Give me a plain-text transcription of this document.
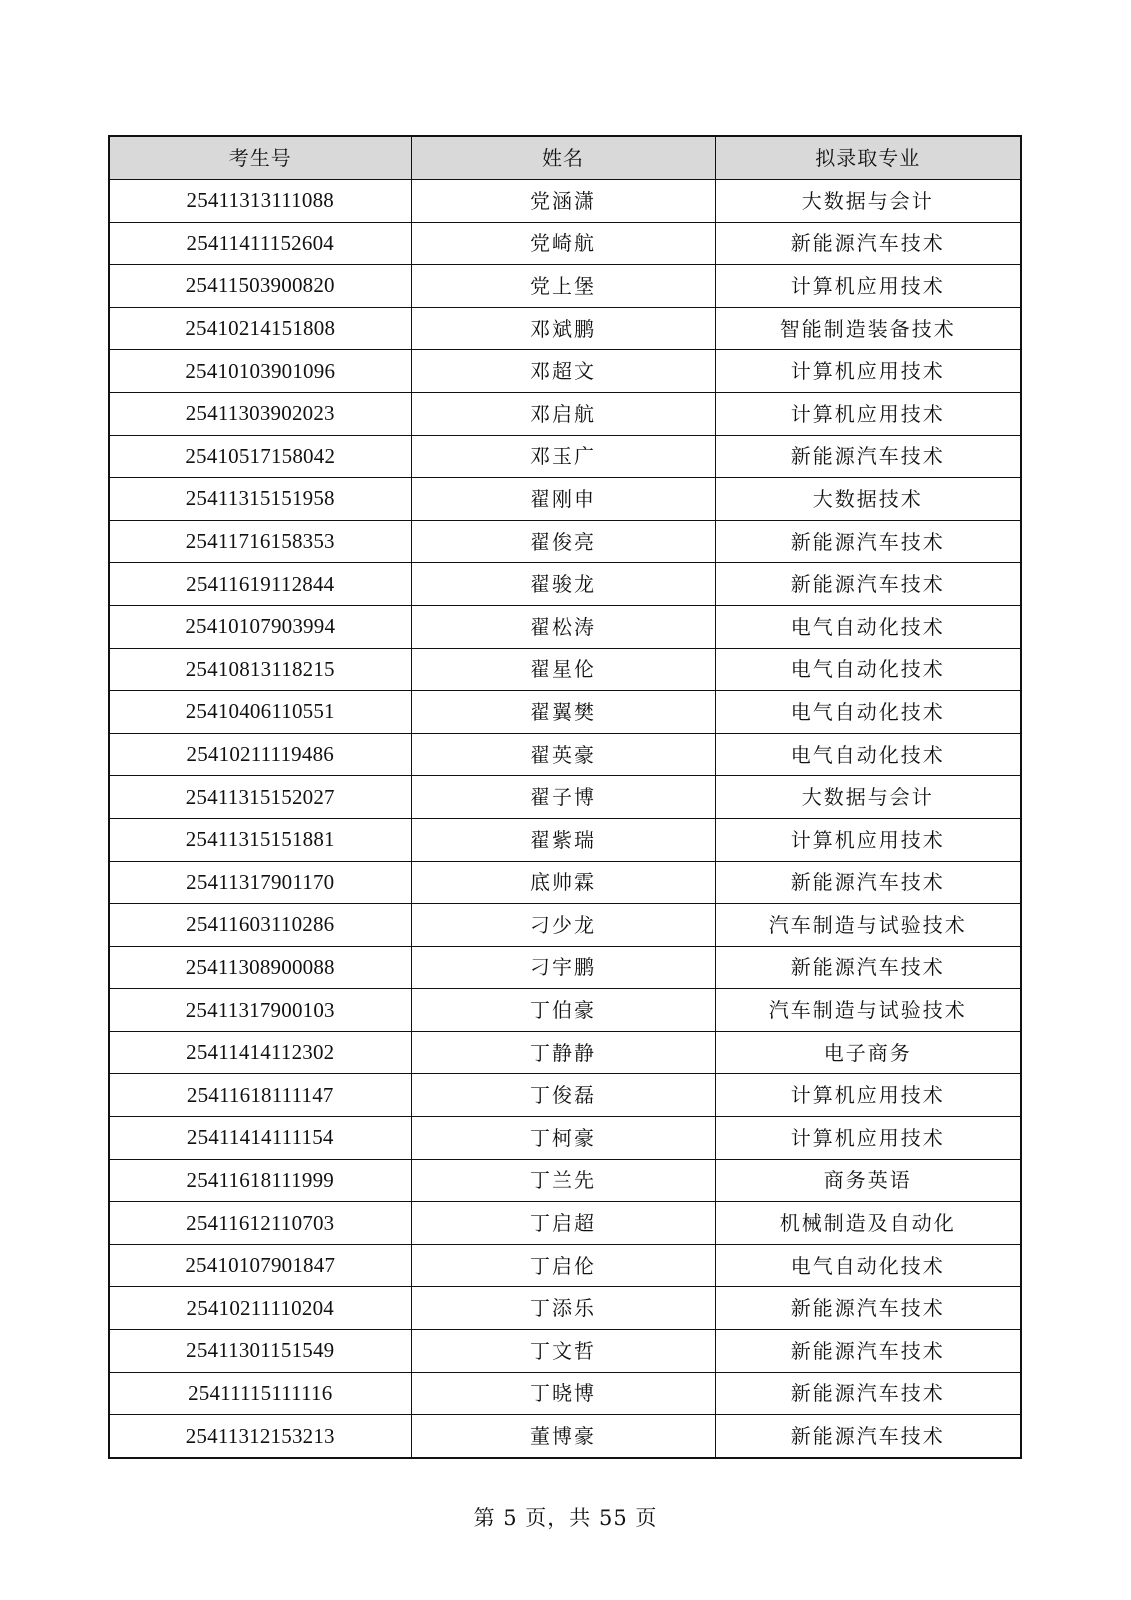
考生号	姓名	拟录取专业
25411313111088	党涵潇	大数据与会计
25411411152604	党崎航	新能源汽车技术
25411503900820	党上堡	计算机应用技术
25410214151808	邓斌鹏	智能制造装备技术
25410103901096	邓超文	计算机应用技术
25411303902023	邓启航	计算机应用技术
25410517158042	邓玉广	新能源汽车技术
25411315151958	翟刚申	大数据技术
25411716158353	翟俊亮	新能源汽车技术
25411619112844	翟骏龙	新能源汽车技术
25410107903994	翟松涛	电气自动化技术
25410813118215	翟星伦	电气自动化技术
25410406110551	翟翼樊	电气自动化技术
25410211119486	翟英豪	电气自动化技术
25411315152027	翟子博	大数据与会计
25411315151881	翟紫瑞	计算机应用技术
25411317901170	底帅霖	新能源汽车技术
25411603110286	刁少龙	汽车制造与试验技术
25411308900088	刁宇鹏	新能源汽车技术
25411317900103	丁伯豪	汽车制造与试验技术
25411414112302	丁静静	电子商务
25411618111147	丁俊磊	计算机应用技术
25411414111154	丁柯豪	计算机应用技术
25411618111999	丁兰先	商务英语
25411612110703	丁启超	机械制造及自动化
25410107901847	丁启伦	电气自动化技术
25410211110204	丁添乐	新能源汽车技术
25411301151549	丁文哲	新能源汽车技术
25411115111116	丁晓博	新能源汽车技术
25411312153213	董博豪	新能源汽车技术
第 5 页，共 55 页
